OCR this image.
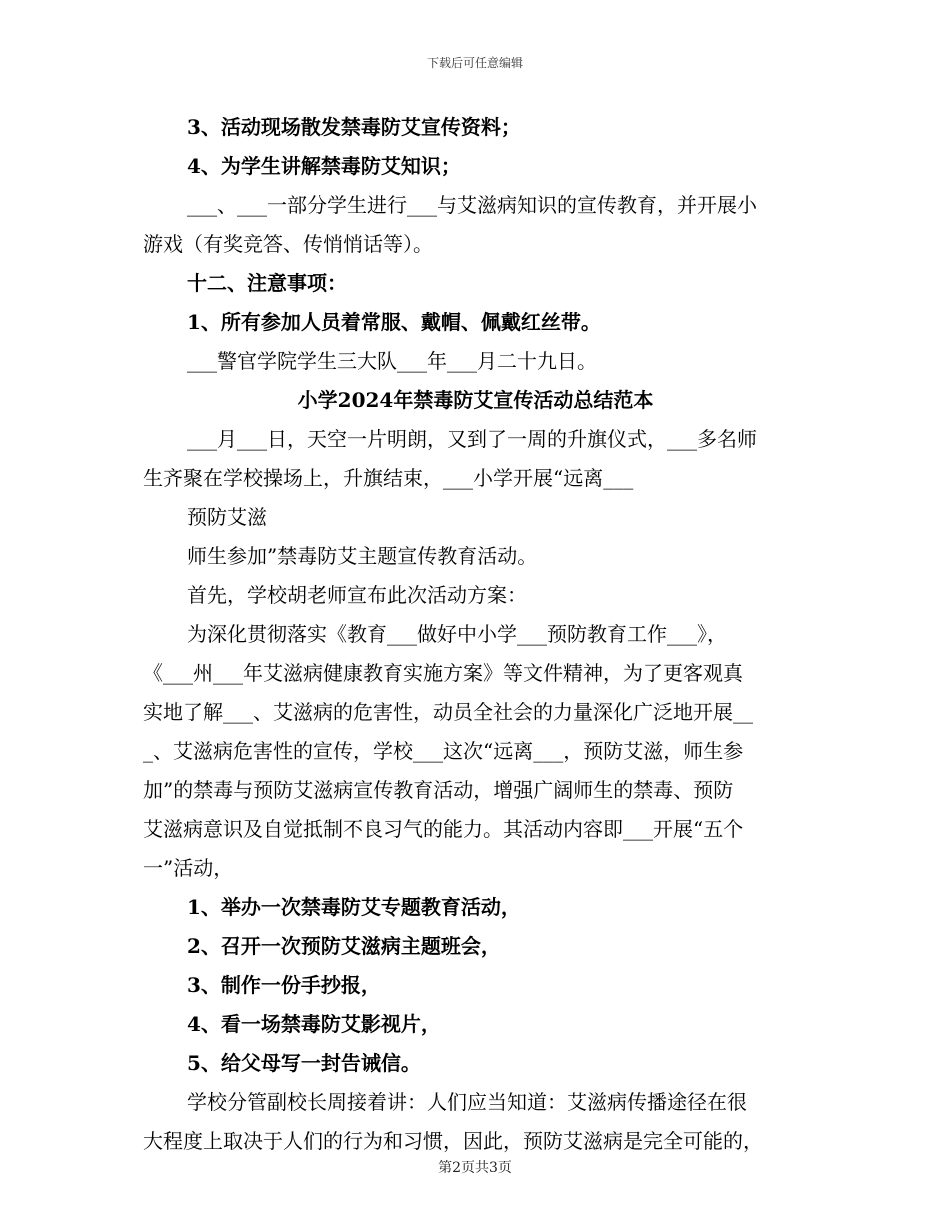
下载后可任意编辑
3、活动现场散发禁毒防艾宣传资料；
4、为学生讲解禁毒防艾知识；
___、___一部分学生进行___与艾滋病知识的宣传教育，并开展小
游戏（有奖竞答、传悄悄话等）。
十二、注意事项：
1、所有参加人员着常服、戴帽、佩戴红丝带。
___警官学院学生三大队___年___月二十九日。
小学2024年禁毒防艾宣传活动总结范本
___月___日，天空一片明朗，又到了一周的升旗仪式，___多名师
生齐聚在学校操场上，升旗结束，___小学开展“远离___
预防艾滋
师生参加”禁毒防艾主题宣传教育活动。
首先，学校胡老师宣布此次活动方案：
为深化贯彻落实《教育___做好中小学___预防教育工作___》，
《___州___年艾滋病健康教育实施方案》等文件精神，为了更客观真
实地了解___、艾滋病的危害性，动员全社会的力量深化广泛地开展__
_、艾滋病危害性的宣传，学校___这次“远离___，预防艾滋，师生参
加”的禁毒与预防艾滋病宣传教育活动，增强广阔师生的禁毒、预防
艾滋病意识及自觉抵制不良习气的能力。其活动内容即___开展“五个
一”活动，
1、举办一次禁毒防艾专题教育活动，
2、召开一次预防艾滋病主题班会，
3、制作一份手抄报，
4、看一场禁毒防艾影视片，
5、给父母写一封告诫信。
学校分管副校长周接着讲：人们应当知道：艾滋病传播途径在很
大程度上取决于人们的行为和习惯，因此，预防艾滋病是完全可能的，
第2页共3页
